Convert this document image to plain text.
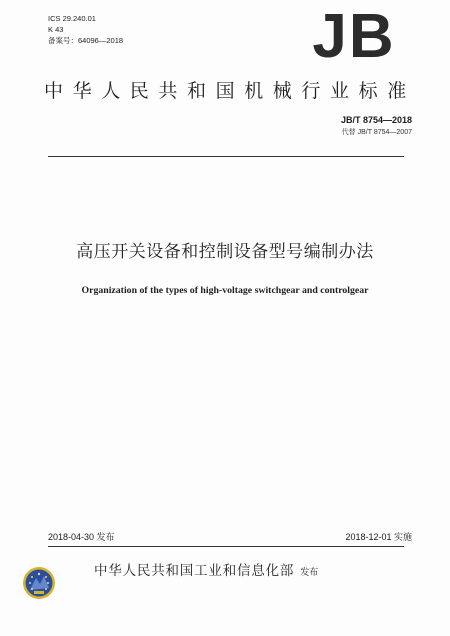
ICS 29.240.01
K 43
备案号：64096—2018	JB
中华人民共和国机械行业标准
JB/T 8754—2018
代替 JB/T 8754—2007
高压开关设备和控制设备型号编制办法
Organization of the types of high-voltage switchgear and controlgear
2018-04-30 发布	2018-12-01 实施
中华人民共和国工业和信息化部 发布
